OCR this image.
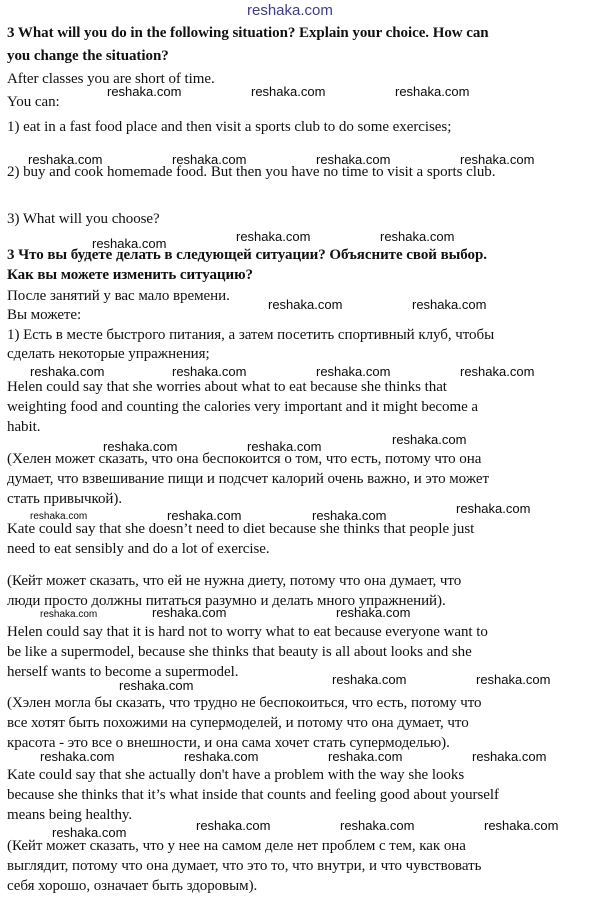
reshaka.com
3 What will you do in the following situation? Explain your choice. How can
you change the situation?
After classes you are short of time.
You can:
1) eat in a fast food place and then visit a sports club to do some exercises;
2) buy and cook homemade food. But then you have no time to visit a sports club.
3) What will you choose?
3 Что вы будете делать в следующей ситуации? Объясните свой выбор.
Как вы можете изменить ситуацию?
После занятий у вас мало времени.
Вы можете:
1) Есть в месте быстрого питания, а затем посетить спортивный клуб, чтобы
сделать некоторые упражнения;
Helen could say that she worries about what to eat because she thinks that
weighting food and counting the calories very important and it might become a
habit.
(Хелен может сказать, что она беспокоится о том, что есть, потому что она
думает, что взвешивание пищи и подсчет калорий очень важно, и это может
стать привычкой).
Kate could say that she doesn’t need to diet because she thinks that people just
need to eat sensibly and do a lot of exercise.
(Кейт может сказать, что ей не нужна диету, потому что она думает, что
люди просто должны питаться разумно и делать много упражнений).
Helen could say that it is hard not to worry what to eat because everyone want to
be like a supermodel, because she thinks that beauty is all about looks and she
herself wants to become a supermodel.
(Хэлен могла бы сказать, что трудно не беспокоиться, что есть, потому что
все хотят быть похожими на супермоделей, и потому что она думает, что
красота - это все о внешности, и она сама хочет стать супермоделью).
Kate could say that she actually don't have a problem with the way she looks
because she thinks that it’s what inside that counts and feeling good about yourself
means being healthy.
(Кейт может сказать, что у нее на самом деле нет проблем с тем, как она
выглядит, потому что она думает, что это то, что внутри, и что чувствовать
себя хорошо, означает быть здоровым).
reshaka.com	reshaka.com	reshaka.com
reshaka.com	reshaka.com	reshaka.com	reshaka.com
reshaka.com	reshaka.com	reshaka.com
reshaka.com	reshaka.com
reshaka.com	reshaka.com	reshaka.com	reshaka.com
reshaka.com	reshaka.com	reshaka.com
reshaka.com	reshaka.com	reshaka.com	reshaka.com
reshaka.com	reshaka.com	reshaka.com
reshaka.com	reshaka.com	reshaka.com
reshaka.com	reshaka.com	reshaka.com	reshaka.com
reshaka.com	reshaka.com	reshaka.com	reshaka.com
